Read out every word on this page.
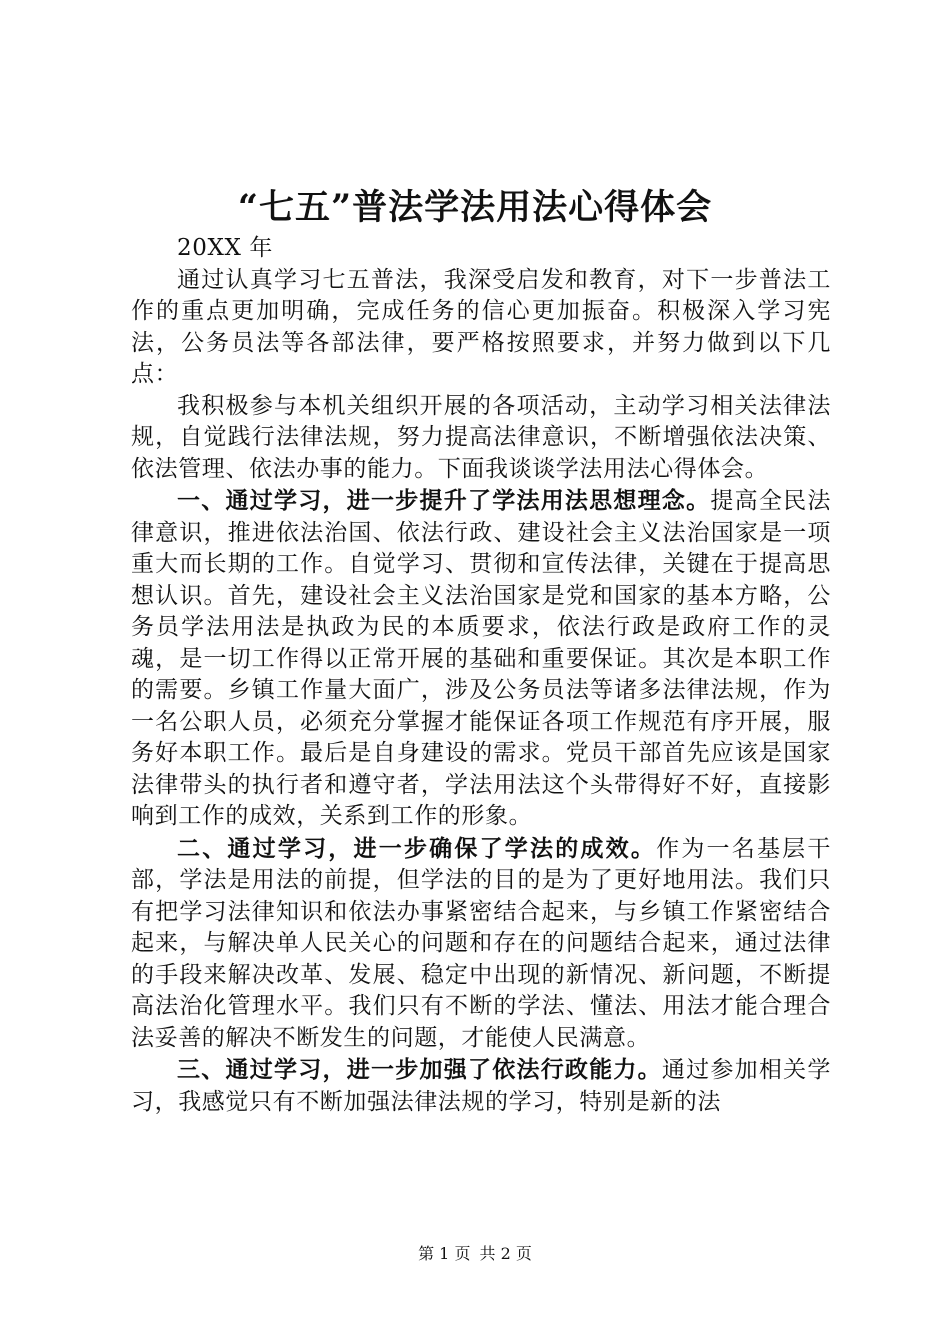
“七五”普法学法用法心得体会

20XX 年

通过认真学习七五普法，我深受启发和教育，对下一步普法工作的重点更加明确，完成任务的信心更加振奋。积极深入学习宪法，公务员法等各部法律，要严格按照要求，并努力做到以下几点：

我积极参与本机关组织开展的各项活动，主动学习相关法律法规，自觉践行法律法规，努力提高法律意识，不断增强依法决策、依法管理、依法办事的能力。下面我谈谈学法用法心得体会。

一、通过学习，进一步提升了学法用法思想理念。提高全民法律意识，推进依法治国、依法行政、建设社会主义法治国家是一项重大而长期的工作。自觉学习、贯彻和宣传法律，关键在于提高思想认识。首先，建设社会主义法治国家是党和国家的基本方略，公务员学法用法是执政为民的本质要求，依法行政是政府工作的灵魂，是一切工作得以正常开展的基础和重要保证。其次是本职工作的需要。乡镇工作量大面广，涉及公务员法等诸多法律法规，作为一名公职人员，必须充分掌握才能保证各项工作规范有序开展，服务好本职工作。最后是自身建设的需求。党员干部首先应该是国家法律带头的执行者和遵守者，学法用法这个头带得好不好，直接影响到工作的成效，关系到工作的形象。

二、通过学习，进一步确保了学法的成效。作为一名基层干部，学法是用法的前提，但学法的目的是为了更好地用法。我们只有把学习法律知识和依法办事紧密结合起来，与乡镇工作紧密结合起来，与解决单人民关心的问题和存在的问题结合起来，通过法律的手段来解决改革、发展、稳定中出现的新情况、新问题，不断提高法治化管理水平。我们只有不断的学法、懂法、用法才能合理合法妥善的解决不断发生的问题，才能使人民满意。

三、通过学习，进一步加强了依法行政能力。通过参加相关学习，我感觉只有不断加强法律法规的学习，特别是新的法

第 1 页 共 2 页
